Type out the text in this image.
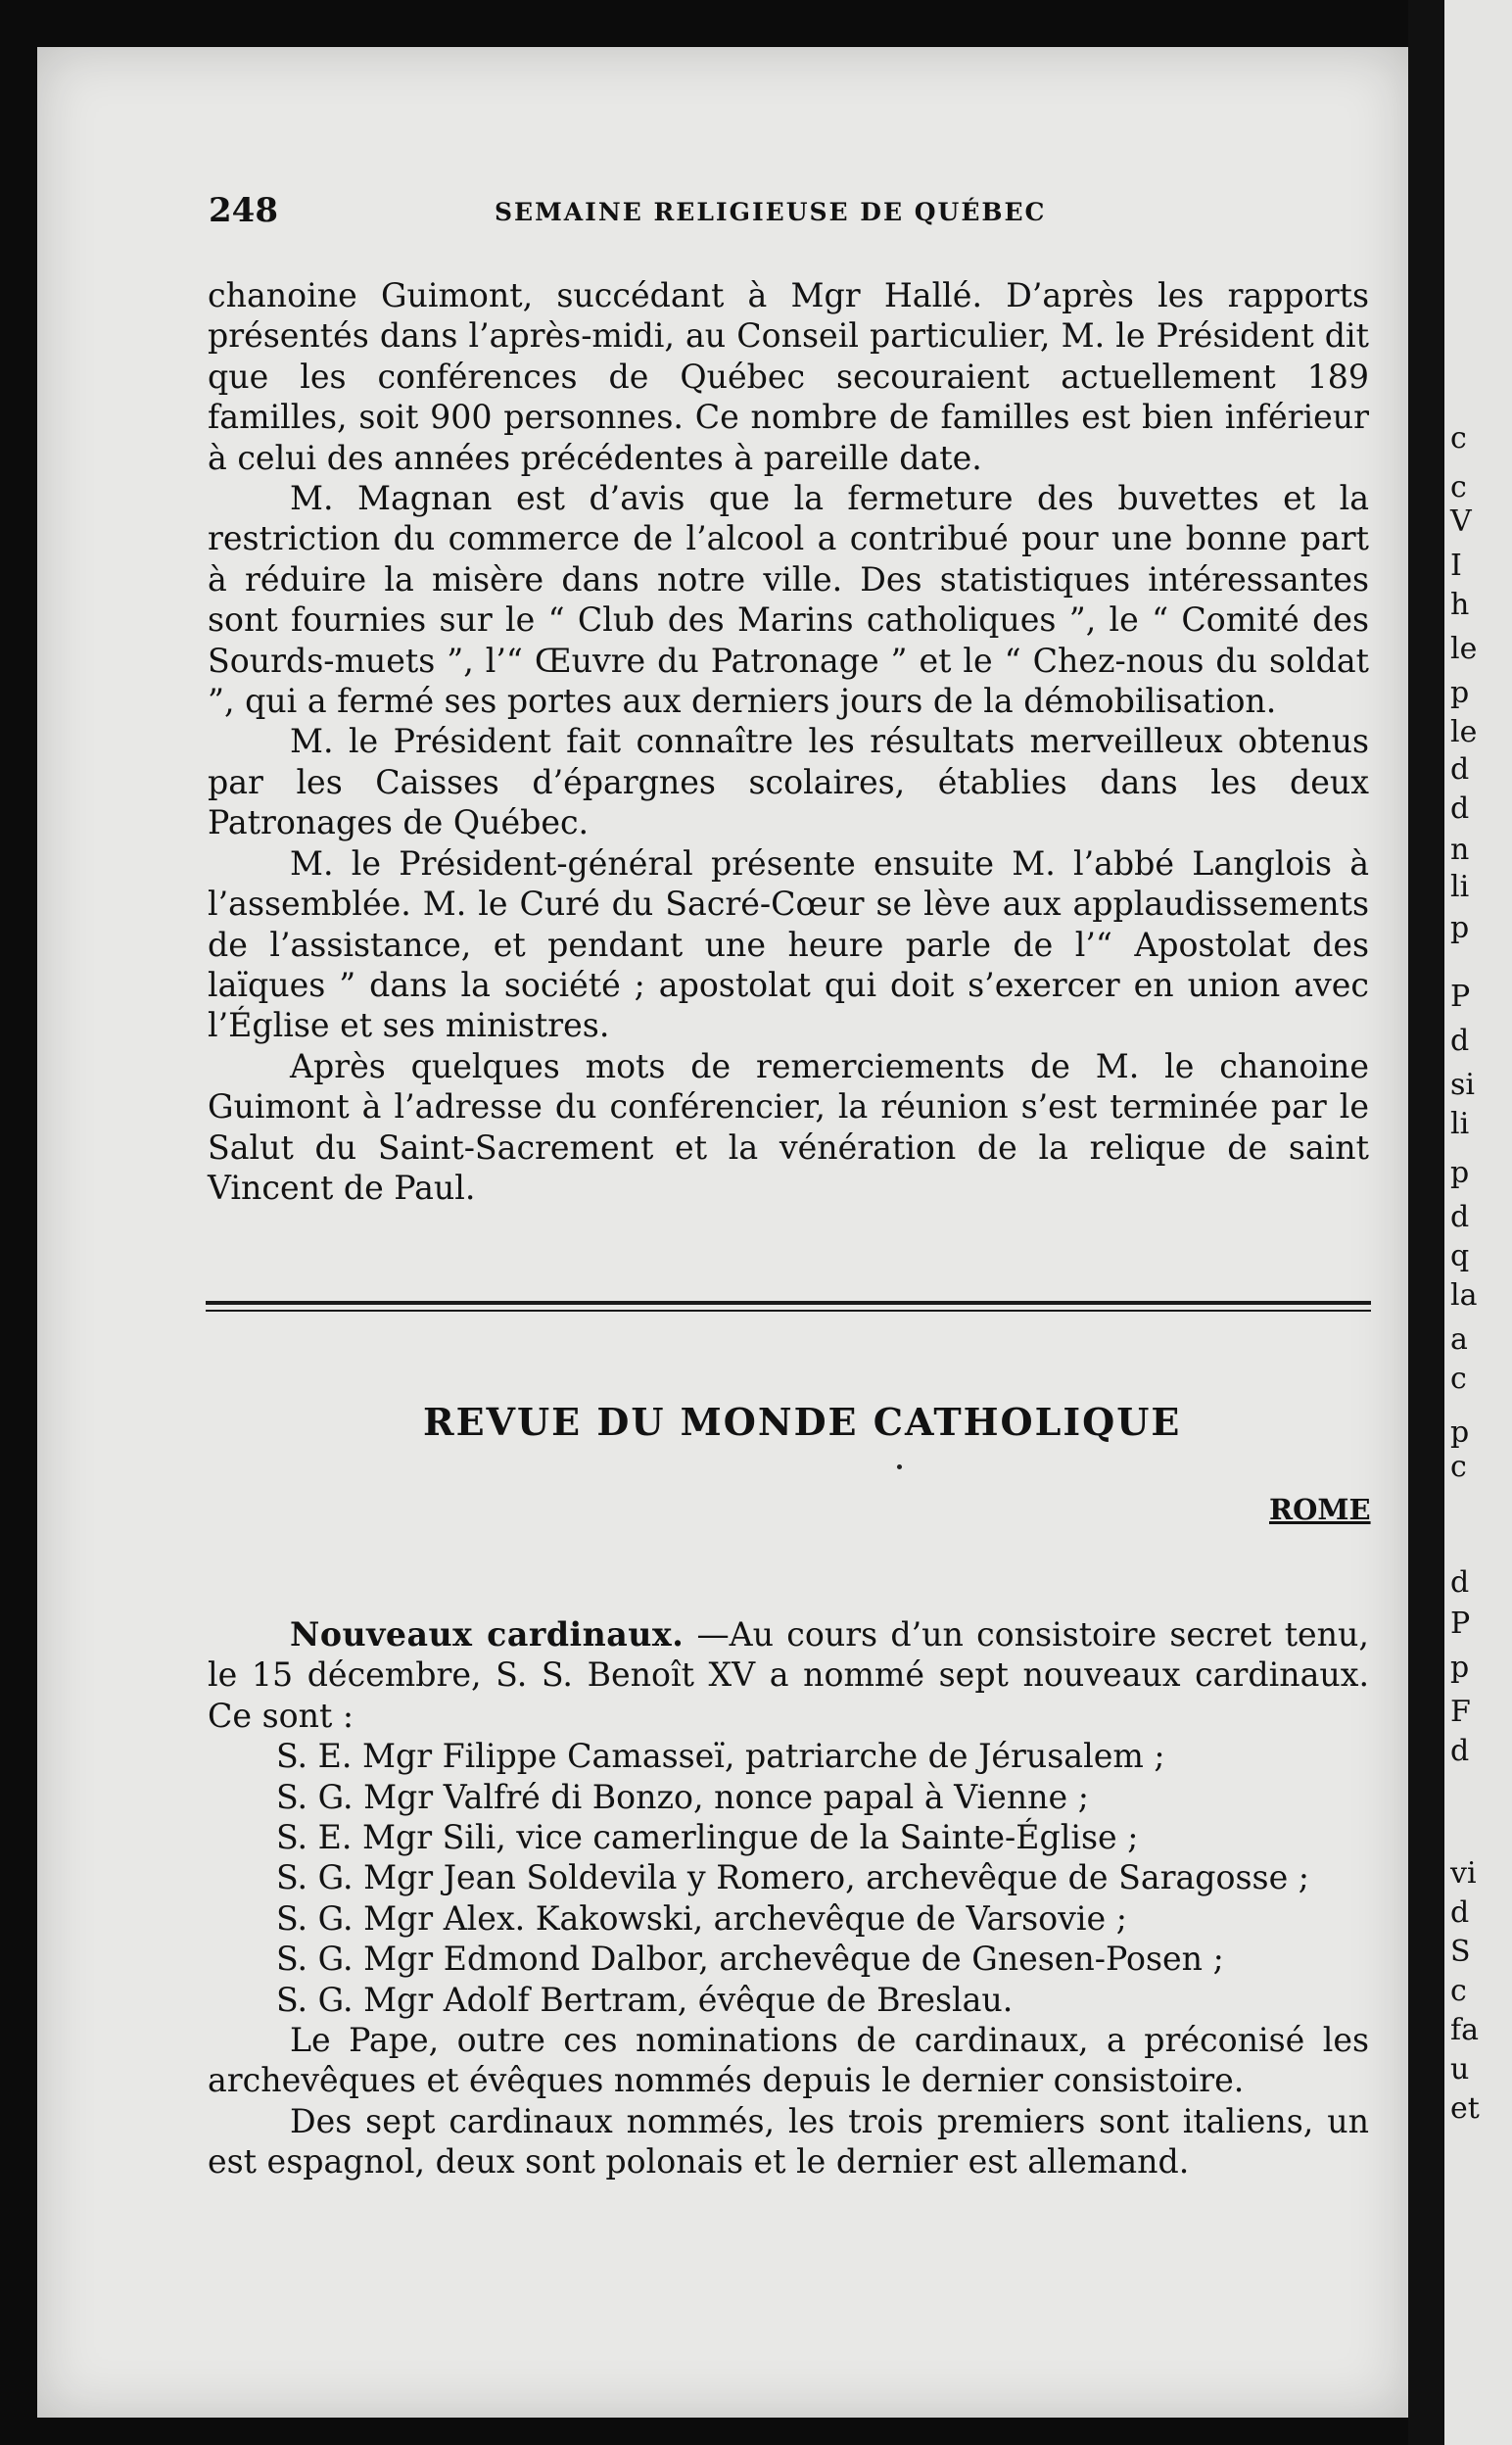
c
c
V
I
h
le
p
le
d
d
n
li
p
P
d
si
li
p
d
q
la
a
c
p
c
d
P
p
F
d
vi
d
S
c
fa
u
et
248	SEMAINE RELIGIEUSE DE QUÉBEC

chanoine Guimont, succédant à Mgr Hallé. D’après les rapports présentés dans l’après-midi, au Conseil particulier, M. le Président dit que les conférences de Québec secouraient actuellement 189 familles, soit 900 personnes. Ce nombre de familles est bien inférieur à celui des années précédentes à pareille date.

M. Magnan est d’avis que la fermeture des buvettes et la restriction du commerce de l’alcool a contribué pour une bonne part à réduire la misère dans notre ville. Des statistiques intéressantes sont fournies sur le “ Club des Marins catholiques ”, le “ Comité des Sourds-muets ”, l’“ Œuvre du Patronage ” et le “ Chez-nous du soldat ”, qui a fermé ses portes aux derniers jours de la démobilisation.

M. le Président fait connaître les résultats merveilleux obtenus par les Caisses d’épargnes scolaires, établies dans les deux Patronages de Québec.

M. le Président-général présente ensuite M. l’abbé Langlois à l’assemblée. M. le Curé du Sacré-Cœur se lève aux applaudissements de l’assistance, et pendant une heure parle de l’“ Apostolat des laïques ” dans la société ; apostolat qui doit s’exercer en union avec l’Église et ses ministres.

Après quelques mots de remerciements de M. le chanoine Guimont à l’adresse du conférencier, la réunion s’est terminée par le Salut du Saint-Sacrement et la vénération de la relique de saint Vincent de Paul.

REVUE DU MONDE CATHOLIQUE
ROME

Nouveaux cardinaux. —Au cours d’un consistoire secret tenu, le 15 décembre, S. S. Benoît XV a nommé sept nouveaux cardinaux. Ce sont :

S. E. Mgr Filippe Camasseï, patriarche de Jérusalem ;

S. G. Mgr Valfré di Bonzo, nonce papal à Vienne ;

S. E. Mgr Sili, vice camerlingue de la Sainte-Église ;

S. G. Mgr Jean Soldevila y Romero, archevêque de Saragosse ;

S. G. Mgr Alex. Kakowski, archevêque de Varsovie ;

S. G. Mgr Edmond Dalbor, archevêque de Gnesen-Posen ;

S. G. Mgr Adolf Bertram, évêque de Breslau.

Le Pape, outre ces nominations de cardinaux, a préconisé les archevêques et évêques nommés depuis le dernier consistoire.

Des sept cardinaux nommés, les trois premiers sont italiens, un est espagnol, deux sont polonais et le dernier est allemand.
